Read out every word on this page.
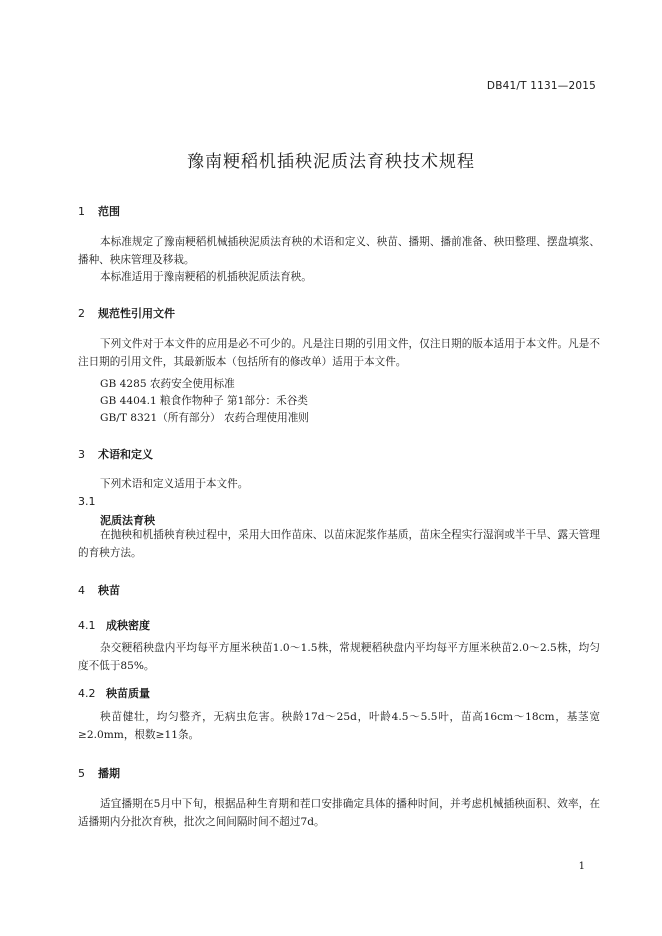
DB41/T 1131—2015
豫南粳稻机插秧泥质法育秧技术规程
1 范围
本标准规定了豫南粳稻机械插秧泥质法育秧的术语和定义、秧苗、播期、播前准备、秧田整理、摆盘填浆、播种、秧床管理及移栽。
本标准适用于豫南粳稻的机插秧泥质法育秧。
2 规范性引用文件
下列文件对于本文件的应用是必不可少的。凡是注日期的引用文件，仅注日期的版本适用于本文件。凡是不注日期的引用文件，其最新版本（包括所有的修改单）适用于本文件。
GB 4285 农药安全使用标准
GB 4404.1 粮食作物种子 第1部分：禾谷类
GB/T 8321（所有部分） 农药合理使用准则
3 术语和定义
下列术语和定义适用于本文件。
3.1
泥质法育秧
在抛秧和机插秧育秧过程中，采用大田作苗床、以苗床泥浆作基质，苗床全程实行湿润或半干旱、露天管理的育秧方法。
4 秧苗
4.1 成秧密度
杂交粳稻秧盘内平均每平方厘米秧苗1.0～1.5株，常规粳稻秧盘内平均每平方厘米秧苗2.0～2.5株，均匀度不低于85%。
4.2 秧苗质量
秧苗健壮，均匀整齐，无病虫危害。秧龄17d～25d，叶龄4.5～5.5叶，苗高16cm～18cm，基茎宽≥2.0mm，根数≥11条。
5 播期
适宜播期在5月中下旬，根据品种生育期和茬口安排确定具体的播种时间，并考虑机械插秧面积、效率，在适播期内分批次育秧，批次之间间隔时间不超过7d。
1
